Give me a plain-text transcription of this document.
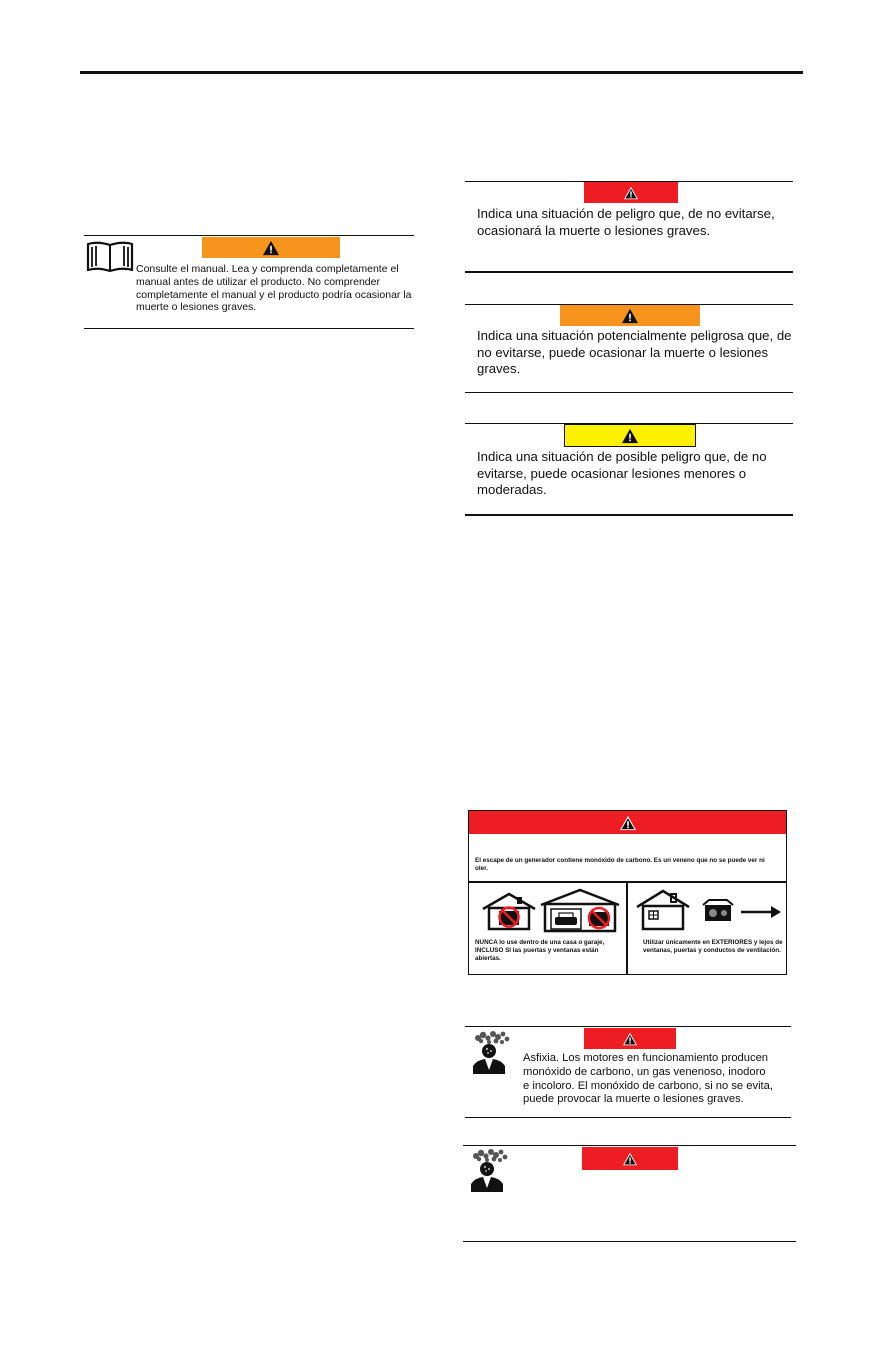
Consulte el manual. Lea y comprenda completamente el manual antes de utilizar el producto. No comprender completamente el manual y el producto podría ocasionar la muerte o lesiones graves.
Indica una situación de peligro que, de no evitarse, ocasionará la muerte o lesiones graves.
Indica una situación potencialmente peligrosa que, de no evitarse, puede ocasionar la muerte o lesiones graves.
Indica una situación de posible peligro que, de no evitarse, puede ocasionar lesiones menores o moderadas.
El escape de un generador contiene monóxido de carbono. Es un veneno que no se puede ver ni oler.
NUNCA lo use dentro de una casa o garaje, INCLUSO SI las puertas y ventanas están abiertas.
Utilizar únicamente en EXTERIORES y lejos de ventanas, puertas y conductos de ventilación.
Asfixia. Los motores en funcionamiento producen monóxido de carbono, un gas venenoso, inodoro e incoloro. El monóxido de carbono, si no se evita, puede provocar la muerte o lesiones graves.
